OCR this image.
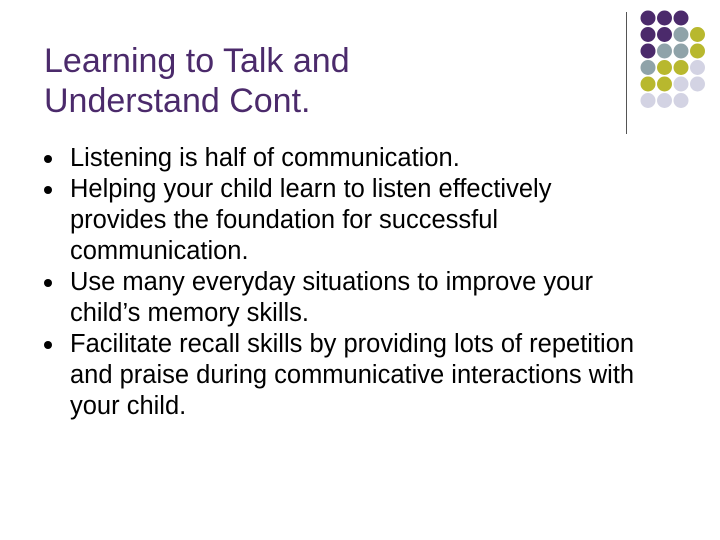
Learning to Talk and
Understand Cont.
Listening is half of communication.
Helping your child learn to listen effectively provides the foundation for successful communication.
Use many everyday situations to improve your child’s memory skills.
Facilitate recall skills by providing lots of repetition and praise during communicative interactions with your child.
